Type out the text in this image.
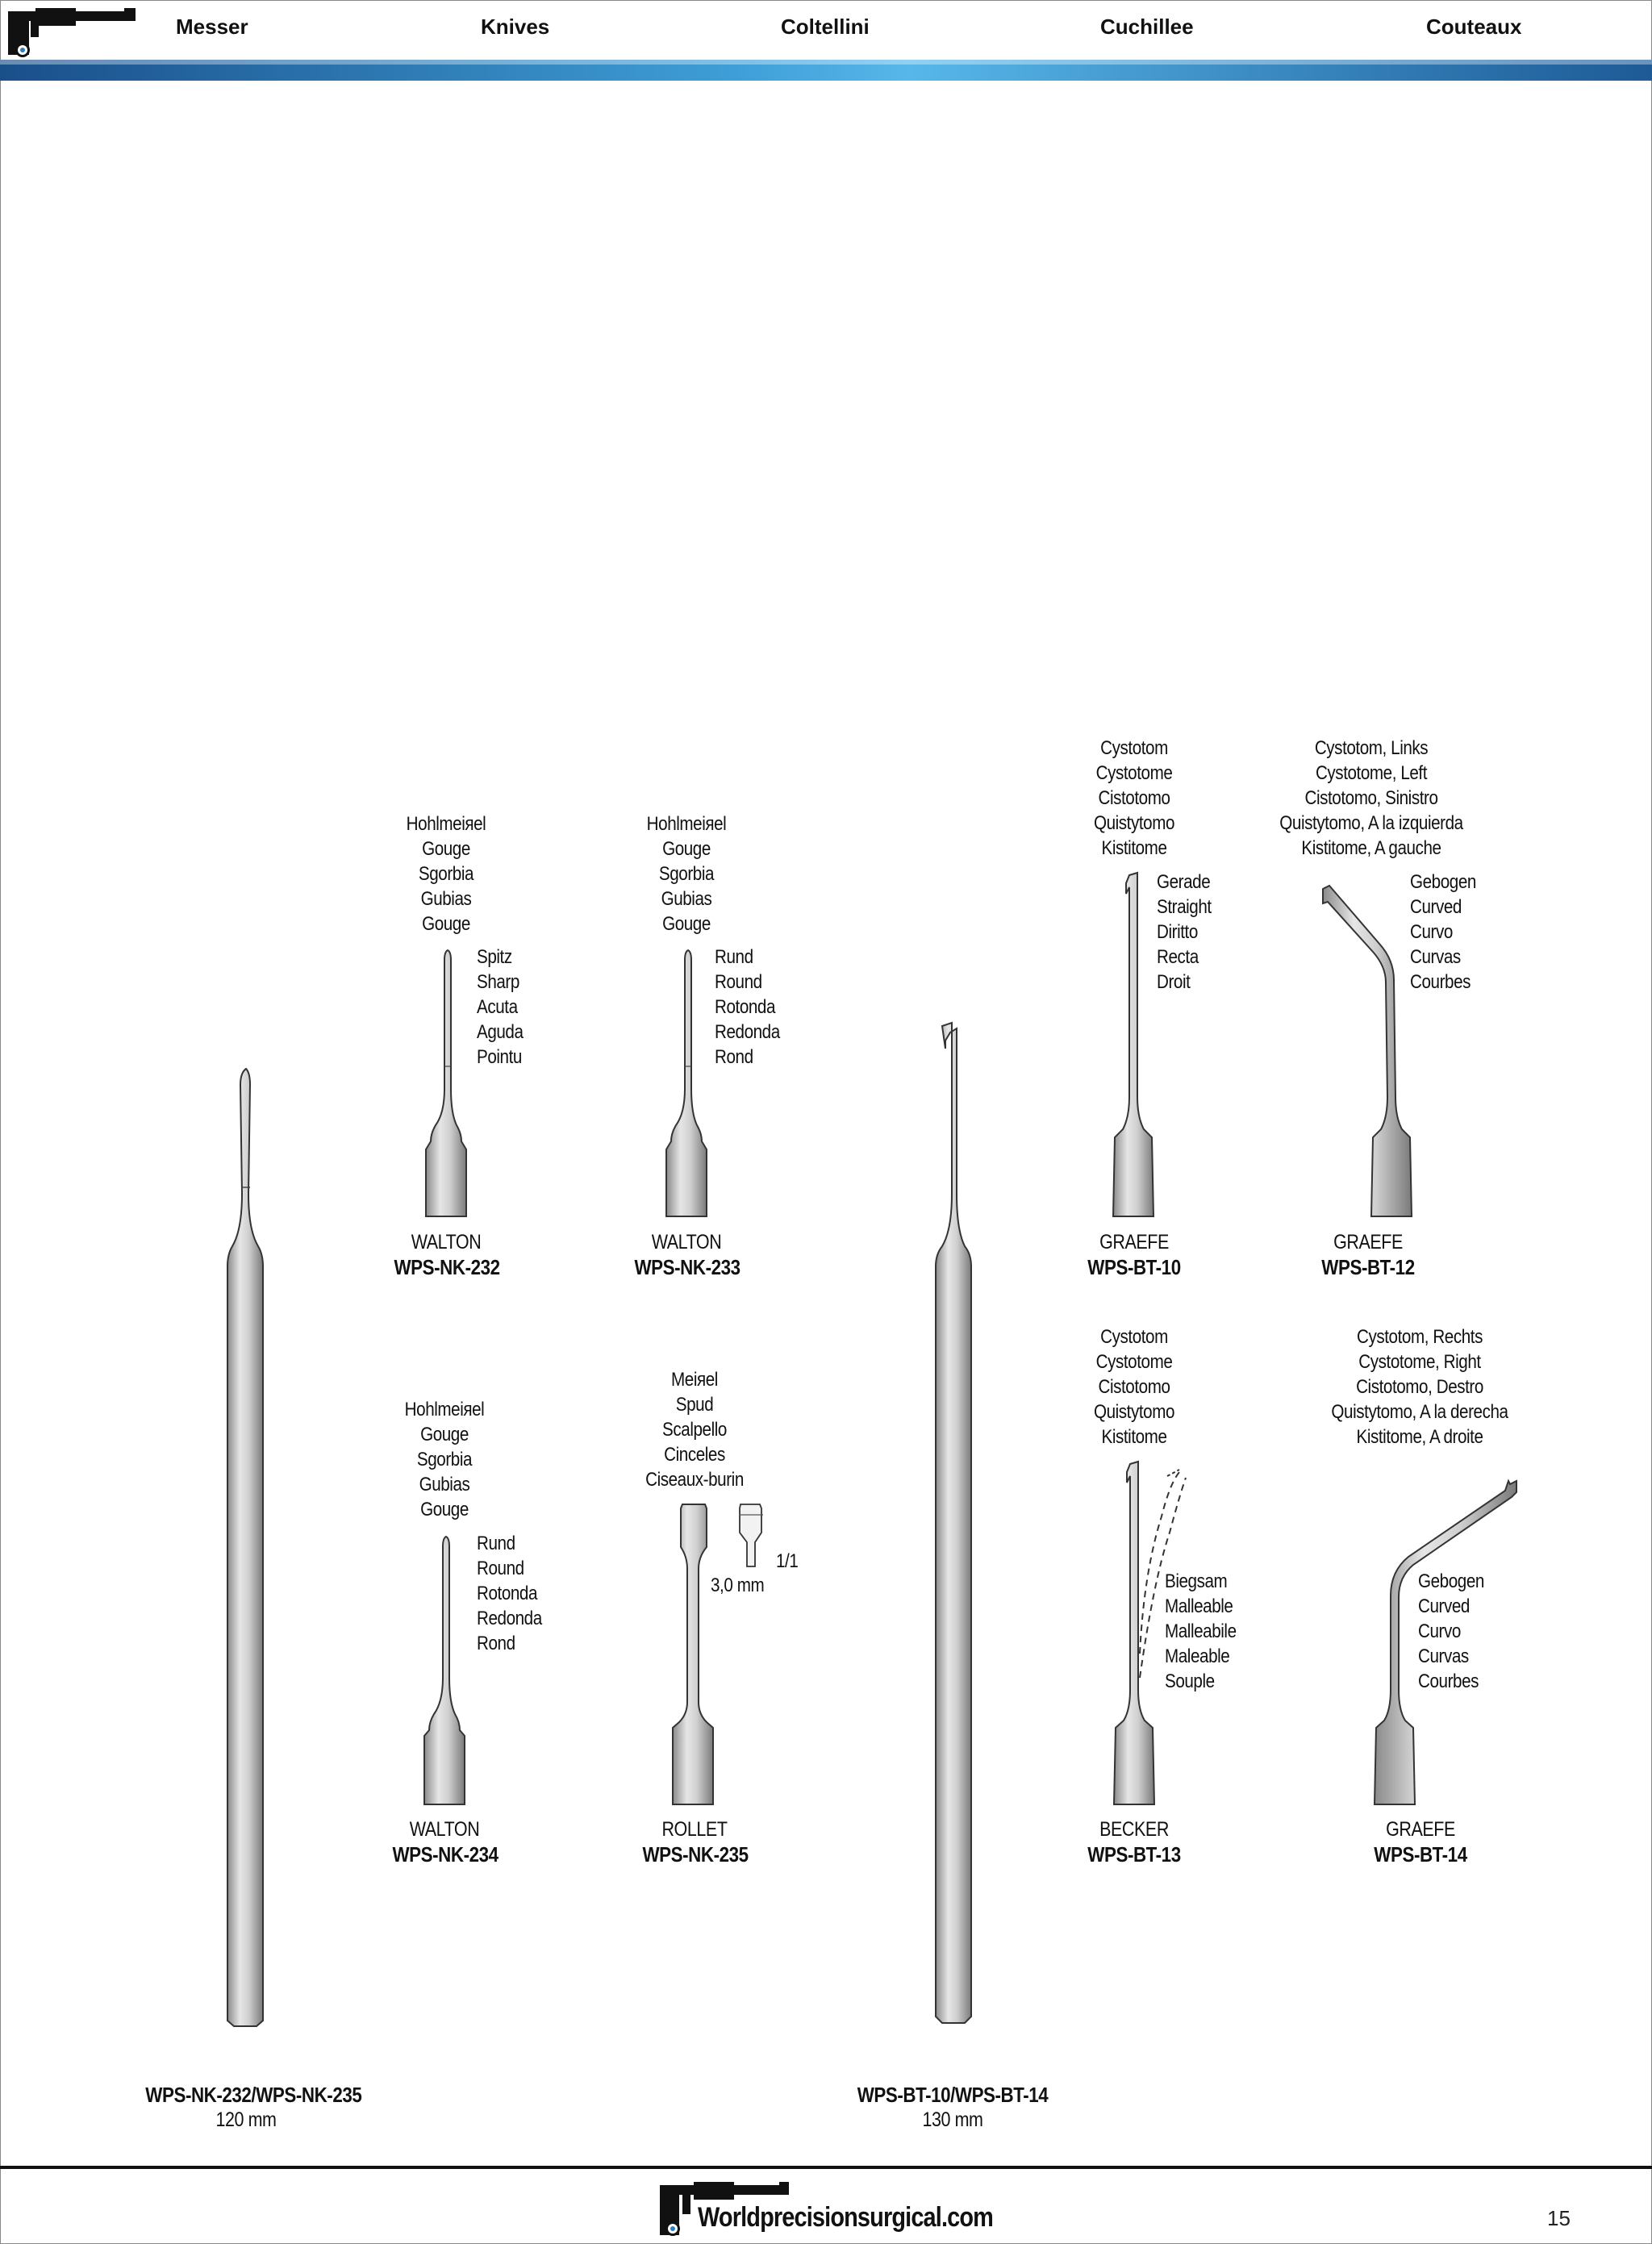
Messer	Knives	Coltellini	Cuchillee	Couteaux
Hohlmeiяel
Gouge
Sgorbia
Gubias
Gouge
Spitz
Sharp
Acuta
Aguda
Pointu
WALTON
WPS-NK-232
Hohlmeiяel
Gouge
Sgorbia
Gubias
Gouge
Rund
Round
Rotonda
Redonda
Rond
WALTON
WPS-NK-233
Hohlmeiяel
Gouge
Sgorbia
Gubias
Gouge
Rund
Round
Rotonda
Redonda
Rond
WALTON
WPS-NK-234
Meiяel
Spud
Scalpello
Cinceles
Ciseaux-burin
1/1
3,0 mm
ROLLET
WPS-NK-235
Cystotom
Cystotome
Cistotomo
Quistytomo
Kistitome
Gerade
Straight
Diritto
Recta
Droit
GRAEFE
WPS-BT-10
Cystotom, Links
Cystotome, Left
Cistotomo, Sinistro
Quistytomo, A la izquierda
Kistitome, A gauche
Gebogen
Curved
Curvo
Curvas
Courbes
GRAEFE
WPS-BT-12
Cystotom
Cystotome
Cistotomo
Quistytomo
Kistitome
Biegsam
Malleable
Malleabile
Maleable
Souple
BECKER
WPS-BT-13
Cystotom, Rechts
Cystotome, Right
Cistotomo, Destro
Quistytomo, A la derecha
Kistitome, A droite
Gebogen
Curved
Curvo
Curvas
Courbes
GRAEFE
WPS-BT-14
WPS-NK-232/WPS-NK-235
120 mm
WPS-BT-10/WPS-BT-14
130 mm
Worldprecisionsurgical.com	15
